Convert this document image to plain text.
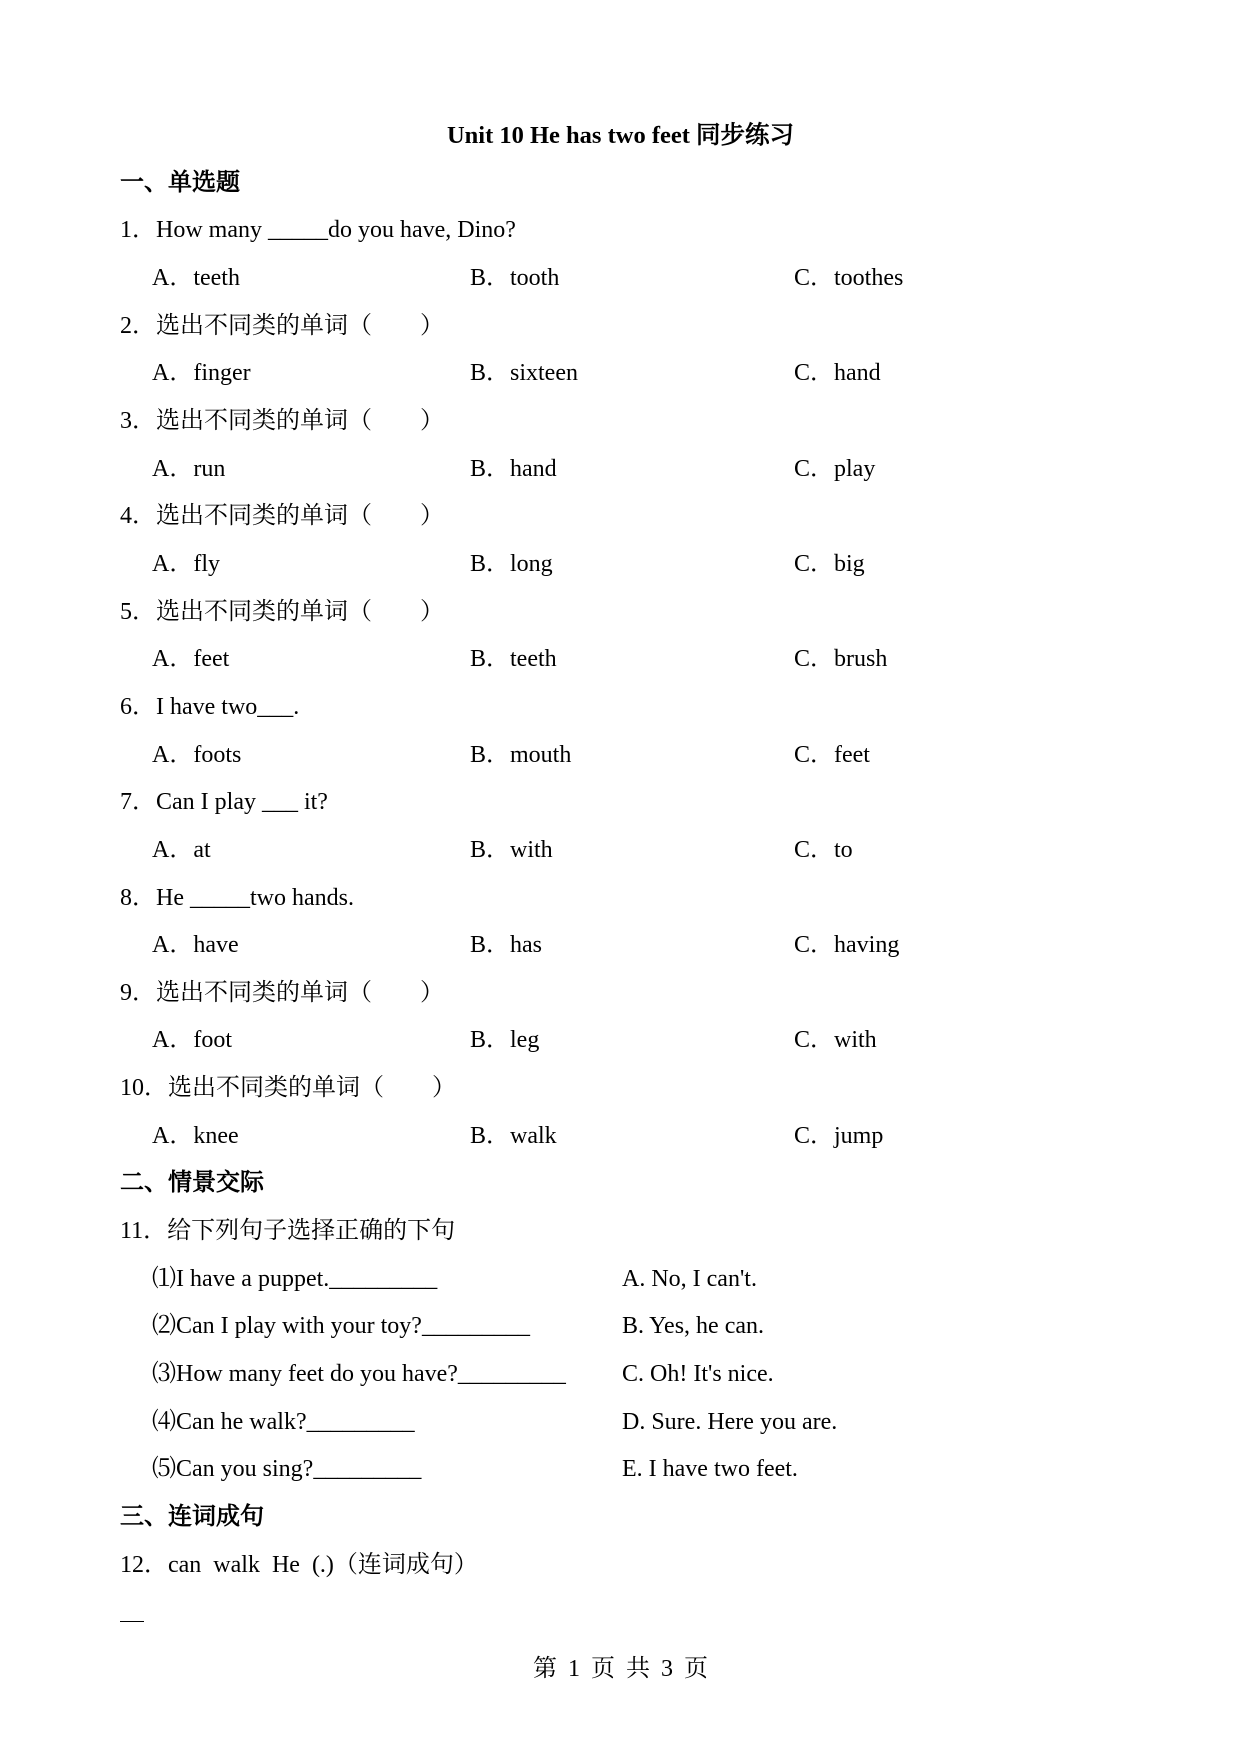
Unit 10 He has two feet 同步练习
一、单选题
1．How many _____do you have, Dino?
A．teeth	B．tooth	C．toothes
2．选出不同类的单词（　　）
A．finger	B．sixteen	C．hand
3．选出不同类的单词（　　）
A．run	B．hand	C．play
4．选出不同类的单词（　　）
A．fly	B．long	C．big
5．选出不同类的单词（　　）
A．feet	B．teeth	C．brush
6．I have two___.
A．foots	B．mouth	C．feet
7．Can I play ___ it?
A．at	B．with	C．to
8．He _____two hands.
A．have	B．has	C．having
9．选出不同类的单词（　　）
A．foot	B．leg	C．with
10．选出不同类的单词（　　）
A．knee	B．walk	C．jump
二、情景交际
11．给下列句子选择正确的下句
⑴I have a puppet._________	A. No, I can't.
⑵Can I play with your toy?_________	B. Yes, he can.
⑶How many feet do you have?_________ C. Oh! It's nice.
⑷Can he walk?_________	D. Sure. Here you are.
⑸Can you sing?_________	E. I have two feet.
三、连词成句
12．can  walk  He  (.)（连词成句）
第 1 页 共 3 页
